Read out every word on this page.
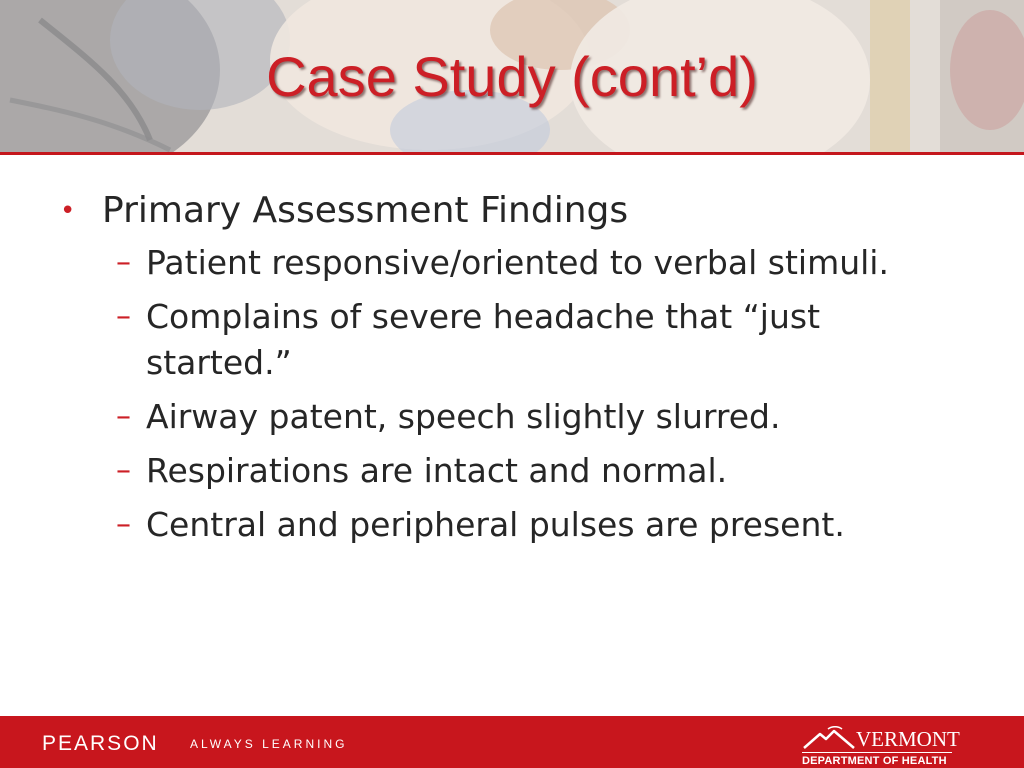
Case Study (cont’d)
• Primary Assessment Findings
– Patient responsive/oriented to verbal stimuli.
– Complains of severe headache that “just started.”
– Airway patent, speech slightly slurred.
– Respirations are intact and normal.
– Central and peripheral pulses are present.
PEARSON	ALWAYS LEARNING	VERMONT
DEPARTMENT OF HEALTH
